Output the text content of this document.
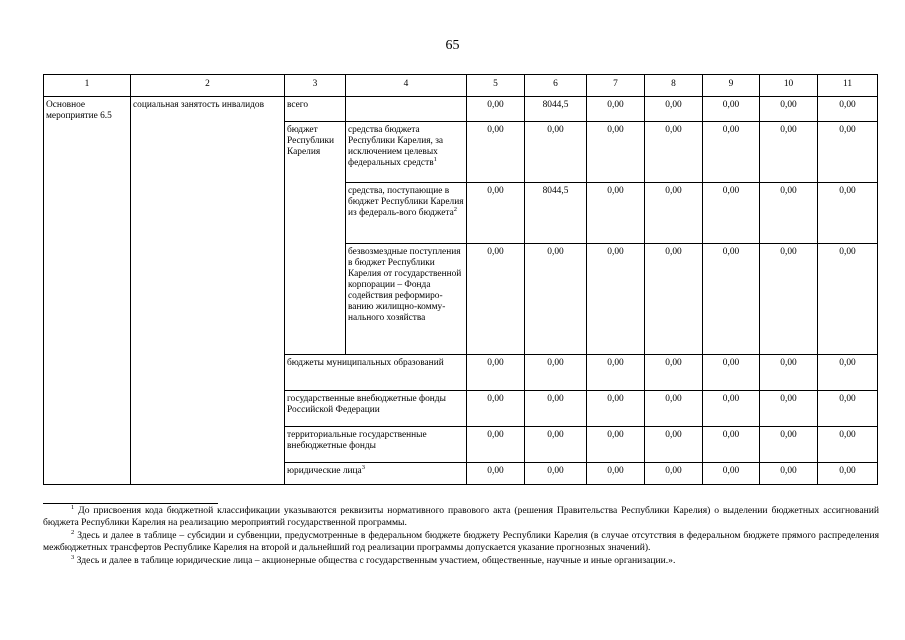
65
1	2	3	4	5	6	7	8	9	10	11
Основное мероприятие 6.5	социальная занятость инвалидов	всего		0,00	8044,5	0,00	0,00	0,00	0,00	0,00
		бюджет Республики Карелия	средства бюджета Республики Карелия, за исключением целевых федеральных средств$^1$	0,00	0,00	0,00	0,00	0,00	0,00	0,00
			средства, поступающие в бюджет Республики Карелия из федераль-вого бюджета$^2$	0,00	8044,5	0,00	0,00	0,00	0,00	0,00
			безвозмездные поступления в бюджет Республики Карелия от государственной корпорации – Фонда содействия реформиро-ванию жилищно-комму-нального хозяйства	0,00	0,00	0,00	0,00	0,00	0,00	0,00
		бюджеты муниципальных образований		0,00	0,00	0,00	0,00	0,00	0,00	0,00
		государственные внебюджетные фонды Российской Федерации		0,00	0,00	0,00	0,00	0,00	0,00	0,00
		территориальные государственные внебюджетные фонды		0,00	0,00	0,00	0,00	0,00	0,00	0,00
		юридические лица$^3$		0,00	0,00	0,00	0,00	0,00	0,00	0,00

$^1$ До присвоения кода бюджетной классификации указываются реквизиты нормативного правового акта (решения Правительства Республики Карелия) о выделении бюджетных ассигнований бюджета Республики Карелия на реализацию мероприятий государственной программы.

$^2$ Здесь и далее в таблице – субсидии и субвенции, предусмотренные в федеральном бюджете бюджету Республики Карелия (в случае отсутствия в федеральном бюджете прямого распределения межбюджетных трансфертов Республике Карелия на второй и дальнейший год реализации программы допускается указание прогнозных значений).

$^3$ Здесь и далее в таблице юридические лица – акционерные общества с государственным участием, общественные, научные и иные организации.».
